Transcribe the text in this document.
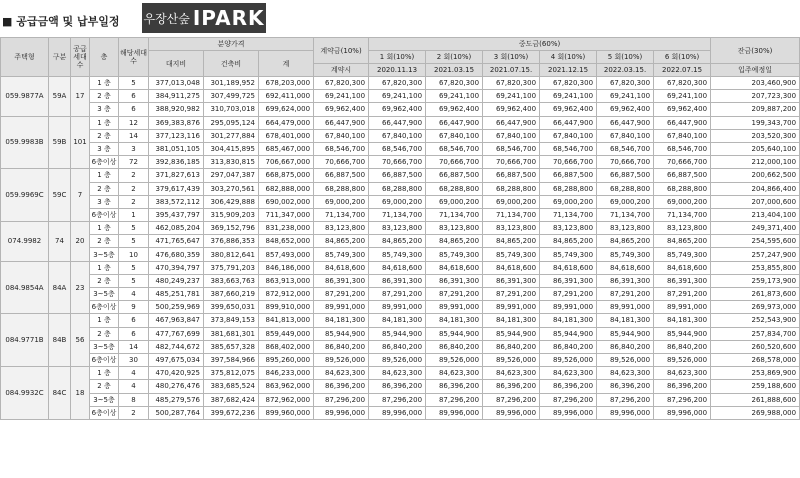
■ 공급금액 및 납부일정 우장산숲 IPARK
주택형	구분	공급세대수	층	해당세대수	분양가격			계약금(10%)	중도금(60%)						잔금(30%)
					대지비	건축비	계		1 회(10%)	2 회(10%)	3 회(10%)	4 회(10%)	5 회(10%)	6 회(10%)	
								계약시	2020.11.13	2021.03.15	2021.07.15.	2021.12.15	2022.03.15.	2022.07.15	입주예정일
059.9877A	59A	17	1 층	5	377,013,048	301,189,952	678,203,000	67,820,300	67,820,300	67,820,300	67,820,300	67,820,300	67,820,300	67,820,300	203,460,900
			2 층	6	384,911,275	307,499,725	692,411,000	69,241,100	69,241,100	69,241,100	69,241,100	69,241,100	69,241,100	69,241,100	207,723,300
			3 층	6	388,920,982	310,703,018	699,624,000	69,962,400	69,962,400	69,962,400	69,962,400	69,962,400	69,962,400	69,962,400	209,887,200
059.9983B	59B	101	1 층	12	369,383,876	295,095,124	664,479,000	66,447,900	66,447,900	66,447,900	66,447,900	66,447,900	66,447,900	66,447,900	199,343,700
			2 층	14	377,123,116	301,277,884	678,401,000	67,840,100	67,840,100	67,840,100	67,840,100	67,840,100	67,840,100	67,840,100	203,520,300
			3 층	3	381,051,105	304,415,895	685,467,000	68,546,700	68,546,700	68,546,700	68,546,700	68,546,700	68,546,700	68,546,700	205,640,100
			6층이상	72	392,836,185	313,830,815	706,667,000	70,666,700	70,666,700	70,666,700	70,666,700	70,666,700	70,666,700	70,666,700	212,000,100
059.9969C	59C	7	1 층	2	371,827,613	297,047,387	668,875,000	66,887,500	66,887,500	66,887,500	66,887,500	66,887,500	66,887,500	66,887,500	200,662,500
			2 층	2	379,617,439	303,270,561	682,888,000	68,288,800	68,288,800	68,288,800	68,288,800	68,288,800	68,288,800	68,288,800	204,866,400
			3 층	2	383,572,112	306,429,888	690,002,000	69,000,200	69,000,200	69,000,200	69,000,200	69,000,200	69,000,200	69,000,200	207,000,600
			6층이상	1	395,437,797	315,909,203	711,347,000	71,134,700	71,134,700	71,134,700	71,134,700	71,134,700	71,134,700	71,134,700	213,404,100
074.9982	74	20	1 층	5	462,085,204	369,152,796	831,238,000	83,123,800	83,123,800	83,123,800	83,123,800	83,123,800	83,123,800	83,123,800	249,371,400
			2 층	5	471,765,647	376,886,353	848,652,000	84,865,200	84,865,200	84,865,200	84,865,200	84,865,200	84,865,200	84,865,200	254,595,600
			3~5층	10	476,680,359	380,812,641	857,493,000	85,749,300	85,749,300	85,749,300	85,749,300	85,749,300	85,749,300	85,749,300	257,247,900
084.9854A	84A	23	1 층	5	470,394,797	375,791,203	846,186,000	84,618,600	84,618,600	84,618,600	84,618,600	84,618,600	84,618,600	84,618,600	253,855,800
			2 층	5	480,249,237	383,663,763	863,913,000	86,391,300	86,391,300	86,391,300	86,391,300	86,391,300	86,391,300	86,391,300	259,173,900
			3~5층	4	485,251,781	387,660,219	872,912,000	87,291,200	87,291,200	87,291,200	87,291,200	87,291,200	87,291,200	87,291,200	261,873,600
			6층이상	9	500,259,969	399,650,031	899,910,000	89,991,000	89,991,000	89,991,000	89,991,000	89,991,000	89,991,000	89,991,000	269,973,000
084.9771B	84B	56	1 층	6	467,963,847	373,849,153	841,813,000	84,181,300	84,181,300	84,181,300	84,181,300	84,181,300	84,181,300	84,181,300	252,543,900
			2 층	6	477,767,699	381,681,301	859,449,000	85,944,900	85,944,900	85,944,900	85,944,900	85,944,900	85,944,900	85,944,900	257,834,700
			3~5층	14	482,744,672	385,657,328	868,402,000	86,840,200	86,840,200	86,840,200	86,840,200	86,840,200	86,840,200	86,840,200	260,520,600
			6층이상	30	497,675,034	397,584,966	895,260,000	89,526,000	89,526,000	89,526,000	89,526,000	89,526,000	89,526,000	89,526,000	268,578,000
084.9932C	84C	18	1 층	4	470,420,925	375,812,075	846,233,000	84,623,300	84,623,300	84,623,300	84,623,300	84,623,300	84,623,300	84,623,300	253,869,900
			2 층	4	480,276,476	383,685,524	863,962,000	86,396,200	86,396,200	86,396,200	86,396,200	86,396,200	86,396,200	86,396,200	259,188,600
			3~5층	8	485,279,576	387,682,424	872,962,000	87,296,200	87,296,200	87,296,200	87,296,200	87,296,200	87,296,200	87,296,200	261,888,600
			6층이상	2	500,287,764	399,672,236	899,960,000	89,996,000	89,996,000	89,996,000	89,996,000	89,996,000	89,996,000	89,996,000	269,988,000
